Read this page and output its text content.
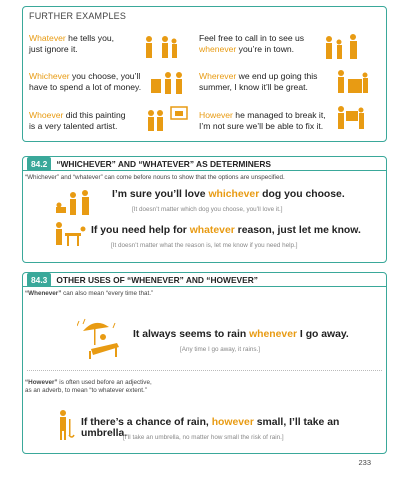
FURTHER EXAMPLES
Whatever he tells you,
just ignore it.
Feel free to call in to see us
whenever you’re in town.
Whichever you choose, you’ll
have to spend a lot of money.
Wherever we end up going this
summer, I know it’ll be great.
Whoever did this painting
is a very talented artist.
However he managed to break it,
I’m not sure we’ll be able to fix it.
84.2	“WHICHEVER” AND “WHATEVER” AS DETERMINERS
“Whichever” and “whatever” can come before nouns to show that the options are unspecified.
I’m sure you’ll love whichever dog you choose.
[It doesn’t matter which dog you choose, you’ll love it.]
If you need help for whatever reason, just let me know.
[It doesn’t matter what the reason is, let me know if you need help.]
84.3	OTHER USES OF “WHENEVER” AND “HOWEVER”
“Whenever” can also mean “every time that.”
It always seems to rain whenever I go away.
[Any time I go away, it rains.]
“However” is often used before an adjective,
as an adverb, to mean “to whatever extent.”
If there’s a chance of rain, however small, I’ll take an umbrella.
[I’ll take an umbrella, no matter how small the risk of rain.]
233
